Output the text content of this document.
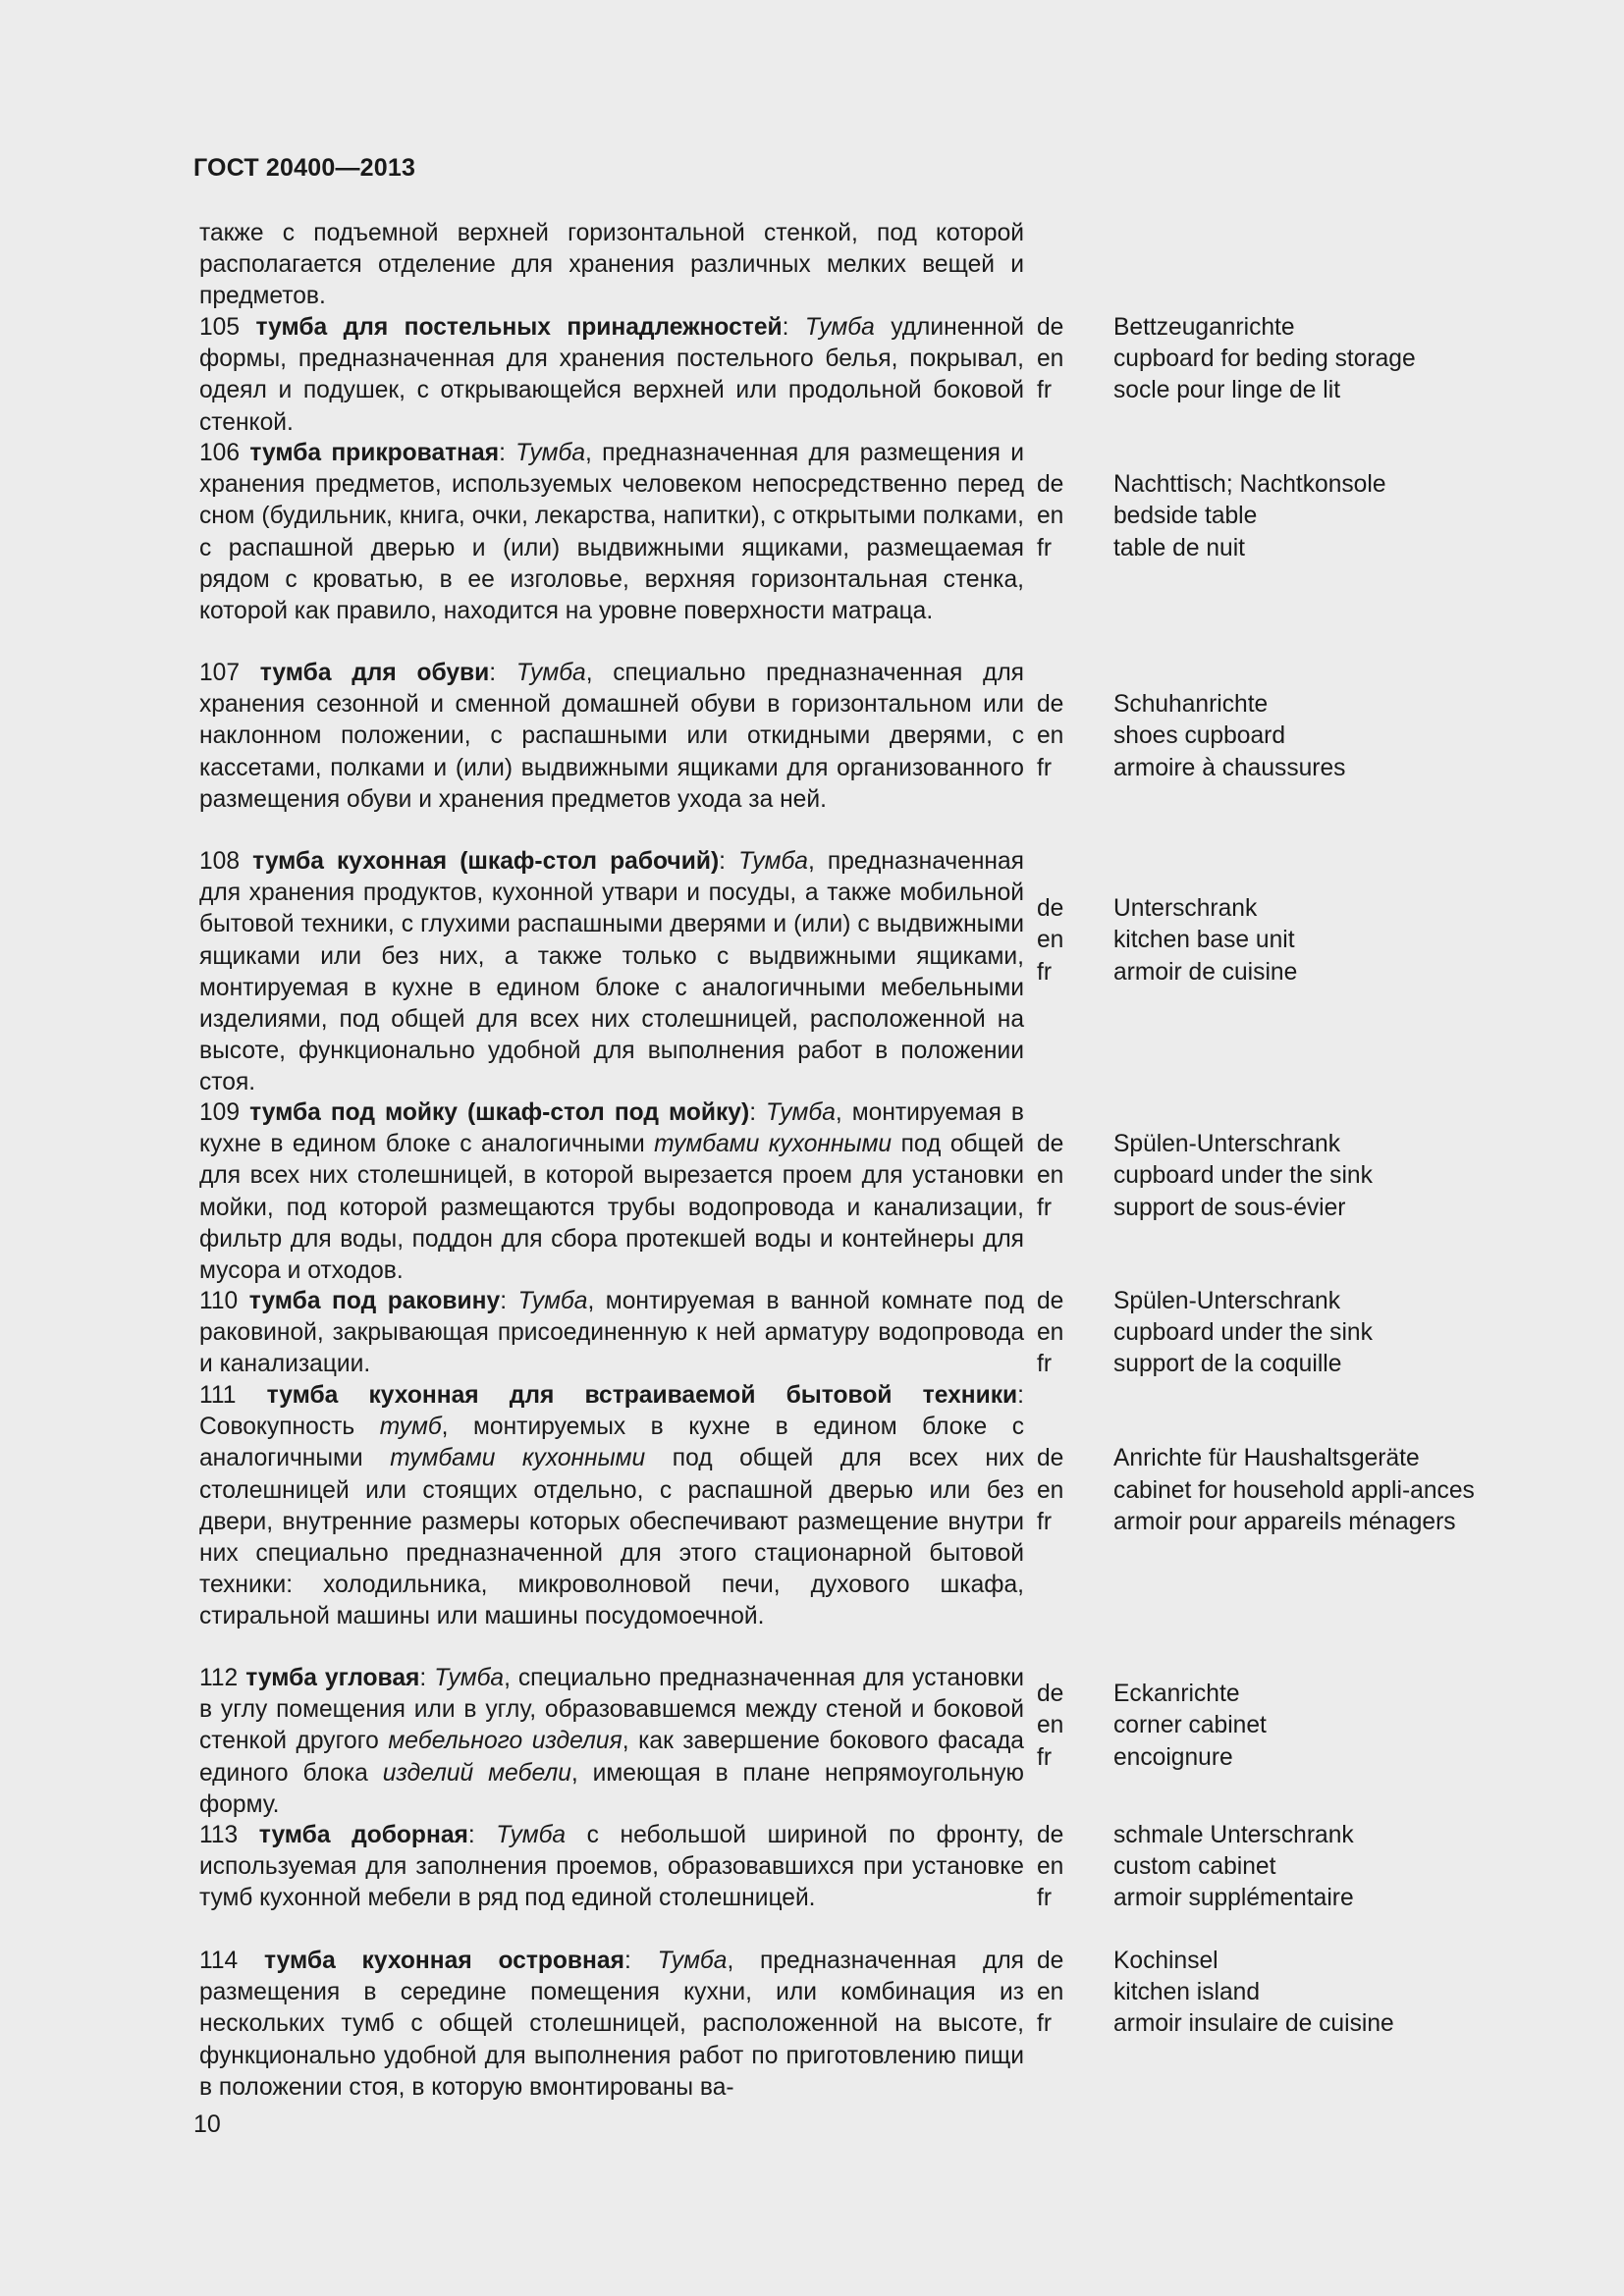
ГОСТ 20400—2013
также с подъемной верхней горизонтальной стенкой, под которой располагается отделение для хранения различных мелких вещей и предметов.
105 тумба для постельных принадлежностей: Тумба удлиненной формы, предназначенная для хранения постельного белья, покрывал, одеял и подушек, с открывающейся верхней или продольной боковой стенкой.
de
en
fr
Bettzeuganrichte
cupboard for beding storage
socle pour linge de lit
106 тумба прикроватная: Тумба, предназначенная для размещения и хранения предметов, используемых человеком непосредственно перед сном (будильник, книга, очки, лекарства, напитки), с открытыми полками, с распашной дверью и (или) выдвижными ящиками, размещаемая рядом с кроватью, в ее изголовье, верхняя горизонтальная стенка, которой как правило, находится на уровне поверхности матраца.
de
en
fr
Nachttisch; Nachtkonsole
bedside table
table de nuit
107 тумба для обуви: Тумба, специально предназначенная для хранения сезонной и сменной домашней обуви в горизонтальном или наклонном положении, с распашными или откидными дверями, с кассетами, полками и (или) выдвижными ящиками для организованного размещения обуви и хранения предметов ухода за ней.
de
en
fr
Schuhanrichte
shoes cupboard
armoire à chaussures
108 тумба кухонная (шкаф-стол рабочий): Тумба, предназначенная для хранения продуктов, кухонной утвари и посуды, а также мобильной бытовой техники, с глухими распашными дверями и (или) с выдвижными ящиками или без них, а также только с выдвижными ящиками, монтируемая в кухне в едином блоке с аналогичными мебельными изделиями, под общей для всех них столешницей, расположенной на высоте, функционально удобной для выполнения работ в положении стоя.
de
en
fr
Unterschrank
kitchen base unit
armoir de cuisine
109 тумба под мойку (шкаф-стол под мойку): Тумба, монтируемая в кухне в едином блоке с аналогичными тумбами кухонными под общей для всех них столешницей, в которой вырезается проем для установки мойки, под которой размещаются трубы водопровода и канализации, фильтр для воды, поддон для сбора протекшей воды и контейнеры для мусора и отходов.
de
en
fr
Spülen-Unterschrank
cupboard under the sink
support de sous-évier
110 тумба под раковину: Тумба, монтируемая в ванной комнате под раковиной, закрывающая присоединенную к ней арматуру водопровода и канализации.
de
en
fr
Spülen-Unterschrank
cupboard under the sink
support de la coquille
111 тумба кухонная для встраиваемой бытовой техники: Совокупность тумб, монтируемых в кухне в едином блоке с аналогичными тумбами кухонными под общей для всех них столешницей или стоящих отдельно, с распашной дверью или без двери, внутренние размеры которых обеспечивают размещение внутри них специально предназначенной для этого стационарной бытовой техники: холодильника, микроволновой печи, духового шкафа, стиральной машины или машины посудомоечной.
de
en
fr
Anrichte für Haushaltsgeräte
cabinet for household appli-ances
armoir pour appareils ménagers
112 тумба угловая: Тумба, специально предназначенная для установки в углу помещения или в углу, образовавшемся между стеной и боковой стенкой другого мебельного изделия, как завершение бокового фасада единого блока изделий мебели, имеющая в плане непрямоугольную форму.
de
en
fr
Eckanrichte
corner cabinet
encoignure
113 тумба доборная: Тумба с небольшой шириной по фронту, используемая для заполнения проемов, образовавшихся при установке тумб кухонной мебели в ряд под единой столешницей.
de
en
fr
schmale Unterschrank
custom cabinet
armoir supplémentaire
114 тумба кухонная островная: Тумба, предназначенная для размещения в середине помещения кухни, или комбинация из нескольких тумб с общей столешницей, расположенной на высоте, функционально удобной для выполнения работ по приготовлению пищи в положении стоя, в которую вмонтированы ва-
de
en
fr
Kochinsel
kitchen island
armoir insulaire de cuisine
10
